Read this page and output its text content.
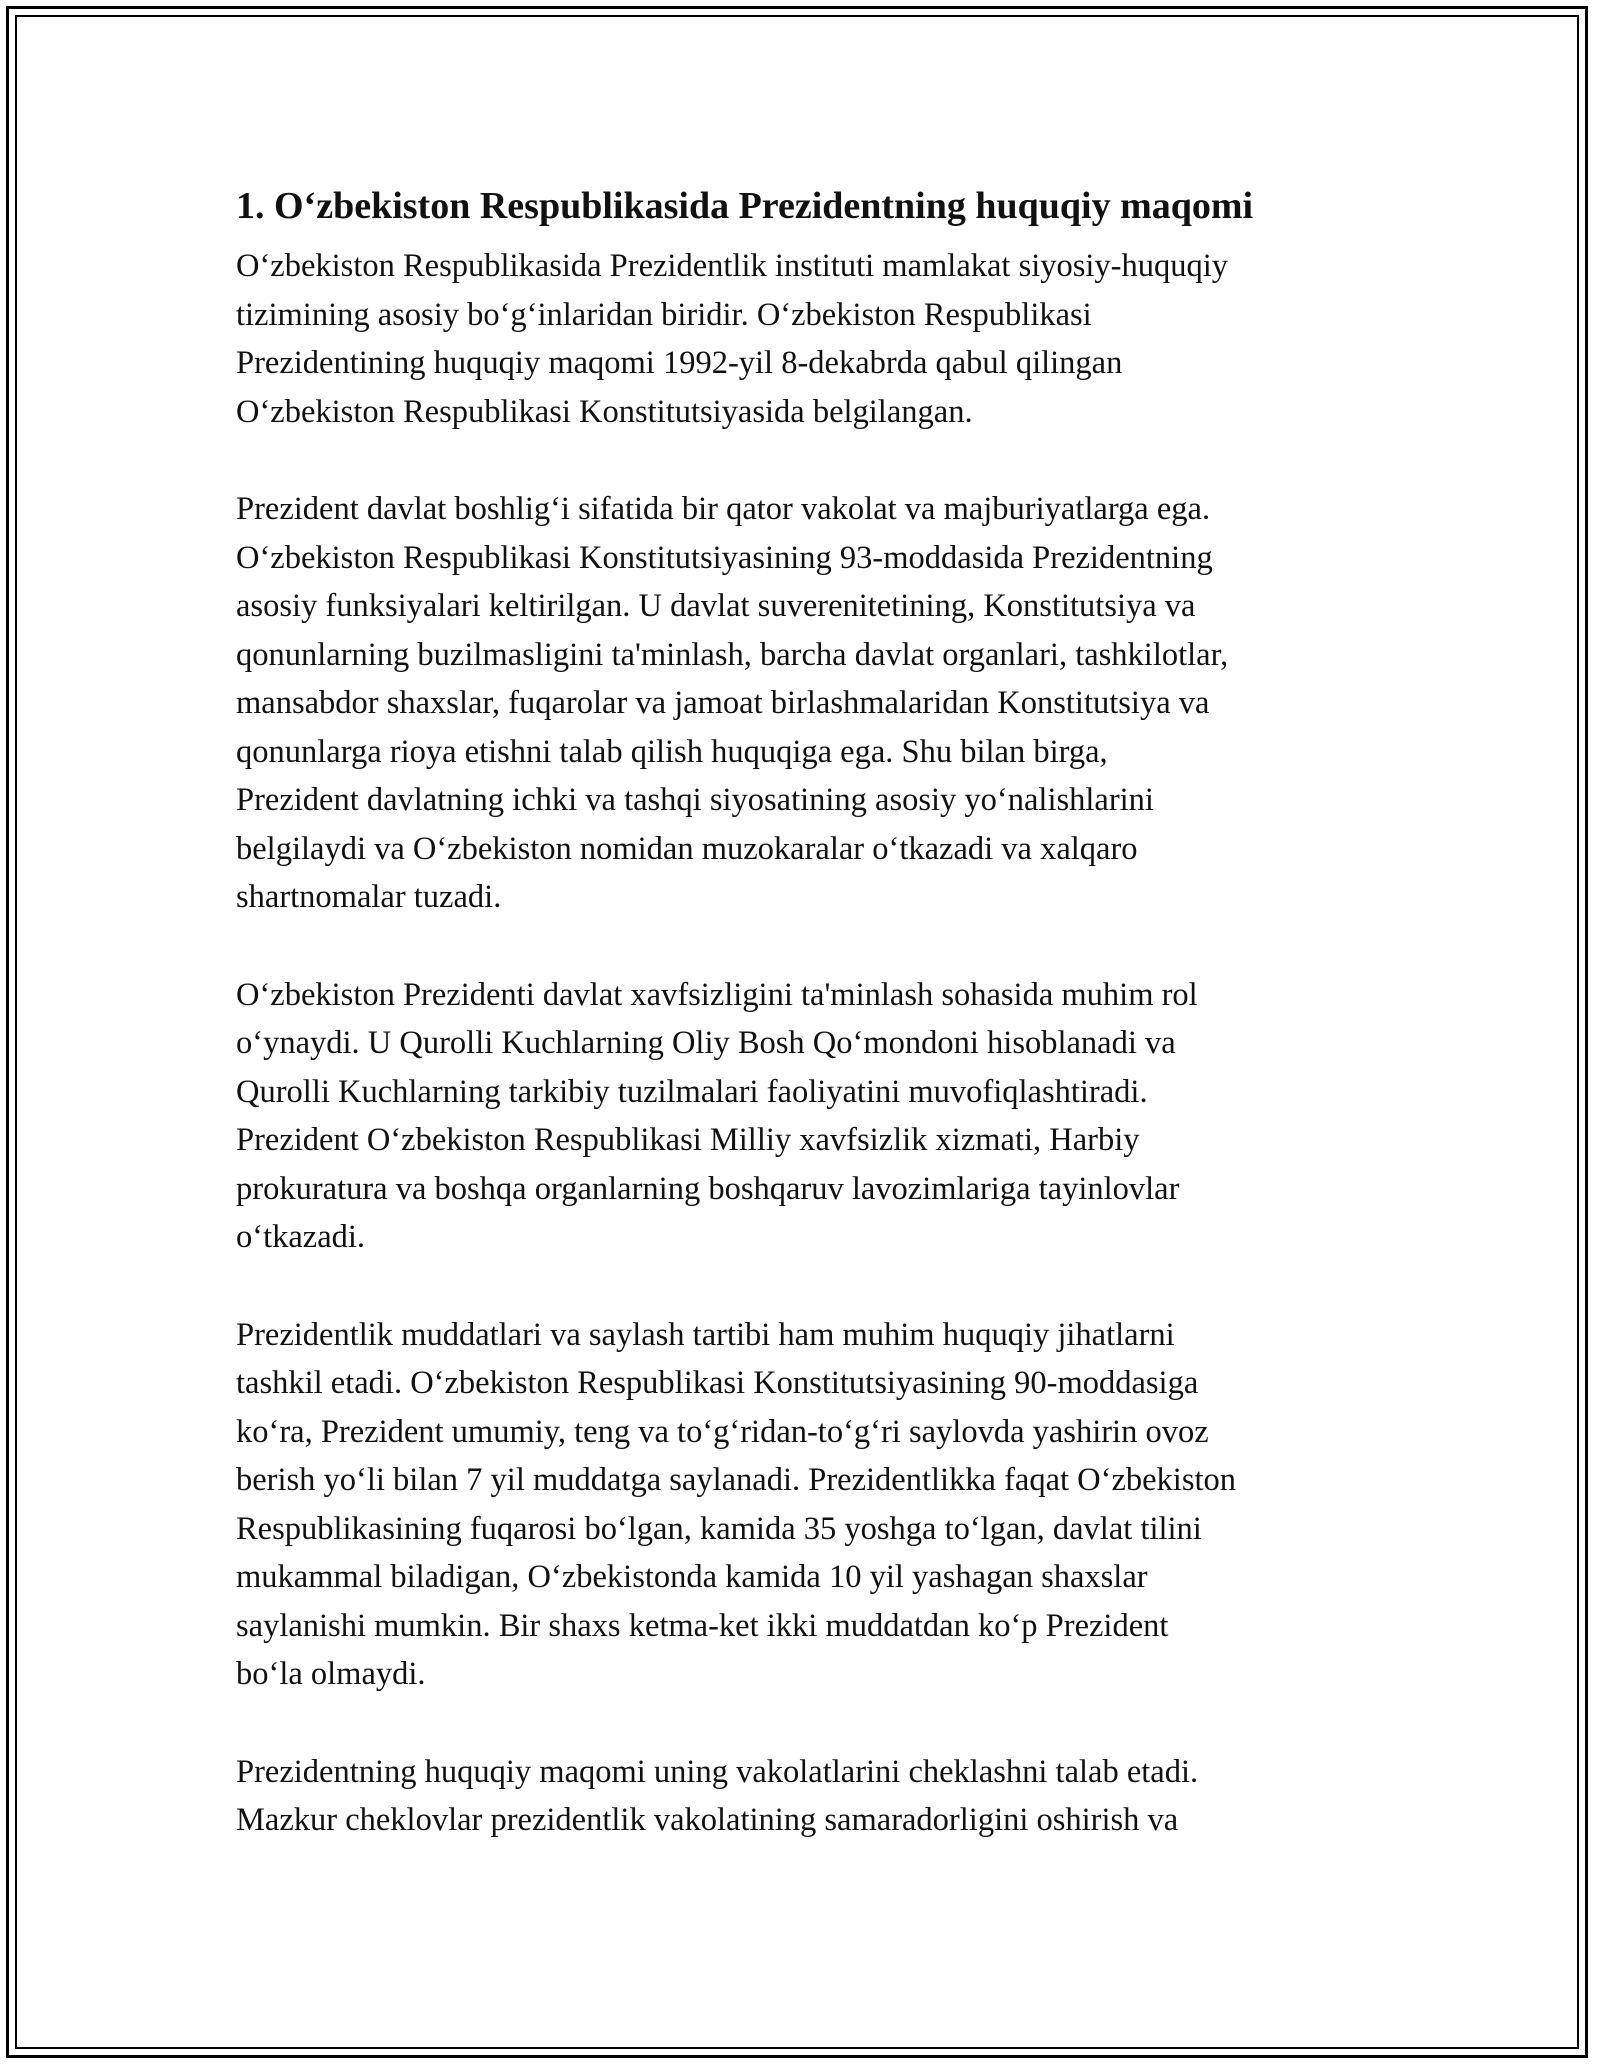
1. O‘zbekiston Respublikasida Prezidentning huquqiy maqomi

O‘zbekiston Respublikasida Prezidentlik instituti mamlakat siyosiy-huquqiy
tizimining asosiy bo‘g‘inlaridan biridir. O‘zbekiston Respublikasi
Prezidentining huquqiy maqomi 1992-yil 8-dekabrda qabul qilingan
O‘zbekiston Respublikasi Konstitutsiyasida belgilangan.

Prezident davlat boshlig‘i sifatida bir qator vakolat va majburiyatlarga ega.
O‘zbekiston Respublikasi Konstitutsiyasining 93-moddasida Prezidentning
asosiy funksiyalari keltirilgan. U davlat suverenitetining, Konstitutsiya va
qonunlarning buzilmasligini ta'minlash, barcha davlat organlari, tashkilotlar,
mansabdor shaxslar, fuqarolar va jamoat birlashmalaridan Konstitutsiya va
qonunlarga rioya etishni talab qilish huquqiga ega. Shu bilan birga,
Prezident davlatning ichki va tashqi siyosatining asosiy yo‘nalishlarini
belgilaydi va O‘zbekiston nomidan muzokaralar o‘tkazadi va xalqaro
shartnomalar tuzadi.

O‘zbekiston Prezidenti davlat xavfsizligini ta'minlash sohasida muhim rol
o‘ynaydi. U Qurolli Kuchlarning Oliy Bosh Qo‘mondoni hisoblanadi va
Qurolli Kuchlarning tarkibiy tuzilmalari faoliyatini muvofiqlashtiradi.
Prezident O‘zbekiston Respublikasi Milliy xavfsizlik xizmati, Harbiy
prokuratura va boshqa organlarning boshqaruv lavozimlariga tayinlovlar
o‘tkazadi.

Prezidentlik muddatlari va saylash tartibi ham muhim huquqiy jihatlarni
tashkil etadi. O‘zbekiston Respublikasi Konstitutsiyasining 90-moddasiga
ko‘ra, Prezident umumiy, teng va to‘g‘ridan-to‘g‘ri saylovda yashirin ovoz
berish yo‘li bilan 7 yil muddatga saylanadi. Prezidentlikka faqat O‘zbekiston
Respublikasining fuqarosi bo‘lgan, kamida 35 yoshga to‘lgan, davlat tilini
mukammal biladigan, O‘zbekistonda kamida 10 yil yashagan shaxslar
saylanishi mumkin. Bir shaxs ketma-ket ikki muddatdan ko‘p Prezident
bo‘la olmaydi.

Prezidentning huquqiy maqomi uning vakolatlarini cheklashni talab etadi.
Mazkur cheklovlar prezidentlik vakolatining samaradorligini oshirish va
